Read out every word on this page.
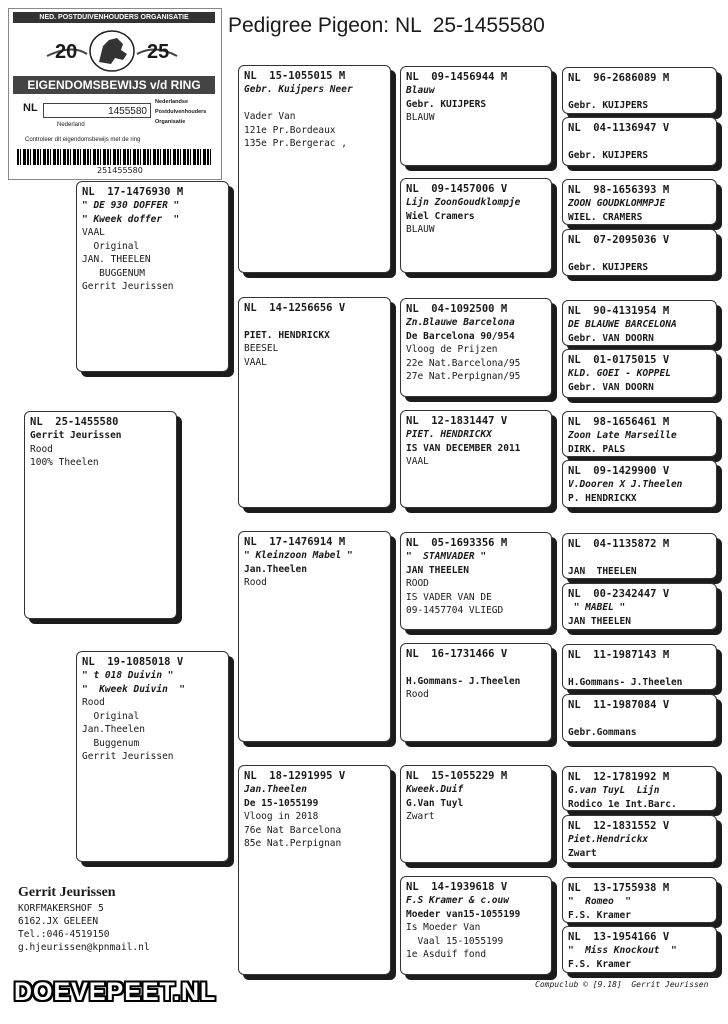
Pedigree Pigeon: NL  25-1455580
NED. POSTDUIVENHOUDERS ORGANISATIE
20	25
EIGENDOMSBEWIJS v/d RING
NL	1455580
Nederlandse
Postduivenhouders
Organisatie
Nederland
Controleer dit eigendomsbewijs met de ring
251455580
NL  25-1455580
Gerrit Jeurissen
Rood
100% Theelen
NL  17-1476930 M
" DE 930 DOFFER "
" Kweek doffer  "
VAAL
Original
JAN. THEELEN
BUGGENUM
Gerrit Jeurissen
NL  19-1085018 V
" t 018 Duivin "
"  Kweek Duivin  "
Rood
Original
Jan.Theelen
Buggenum
Gerrit Jeurissen
NL  15-1055015 M
Gebr. Kuijpers Neer

Vader Van
121e Pr.Bordeaux
135e Pr.Bergerac ,
NL  14-1256656 V

PIET. HENDRICKX
BEESEL
VAAL
NL  17-1476914 M
" Kleinzoon Mabel "
Jan.Theelen
Rood
NL  18-1291995 V
Jan.Theelen
De 15-1055199
Vloog in 2018
76e Nat Barcelona
85e Nat.Perpignan
NL  09-1456944 M
Blauw
Gebr. KUIJPERS
BLAUW
NL  09-1457006 V
Lijn ZoonGoudklompje
Wiel Cramers
BLAUW
NL  04-1092500 M
Zn.Blauwe Barcelona
De Barcelona 90/954
Vloog de Prijzen
22e Nat.Barcelona/95
27e Nat.Perpignan/95
NL  12-1831447 V
PIET. HENDRICKX
IS VAN DECEMBER 2011
VAAL
NL  05-1693356 M
"  STAMVADER "
JAN THEELEN
ROOD
IS VADER VAN DE
09-1457704 VLIEGD
NL  16-1731466 V

H.Gommans- J.Theelen
Rood
NL  15-1055229 M
Kweek.Duif
G.Van Tuyl
Zwart
NL  14-1939618 V
F.S Kramer & c.ouw
Moeder van15-1055199
Is Moeder Van
Vaal 15-1055199
1e Asduif fond
NL  96-2686089 M

Gebr. KUIJPERS
NL  04-1136947 V

Gebr. KUIJPERS
NL  98-1656393 M
ZOON GOUDKLOMMPJE
WIEL. CRAMERS
NL  07-2095036 V

Gebr. KUIJPERS
NL  90-4131954 M
DE BLAUWE BARCELONA
Gebr. VAN DOORN
NL  01-0175015 V
KLD. GOEI - KOPPEL
Gebr. VAN DOORN
NL  98-1656461 M
Zoon Late Marseille
DIRK. PALS
NL  09-1429900 V
V.Dooren X J.Theelen
P. HENDRICKX
NL  04-1135872 M

JAN  THEELEN
NL  00-2342447 V
" MABEL "
JAN THEELEN
NL  11-1987143 M

H.Gommans- J.Theelen
NL  11-1987084 V

Gebr.Gommans
NL  12-1781992 M
G.van TuyL  Lijn
Rodico 1e Int.Barc.
NL  12-1831552 V
Piet.Hendrickx
Zwart
NL  13-1755938 M
"  Romeo  "
F.S. Kramer
NL  13-1954166 V
"  Miss Knockout  "
F.S. Kramer
Gerrit Jeurissen
KORFMAKERSHOF 5
6162.JX GELEEN
Tel.:046-4519150
g.hjeurissen@kpnmail.nl
DOEVEPEET.NL	Compuclub © [9.18]  Gerrit Jeurissen
